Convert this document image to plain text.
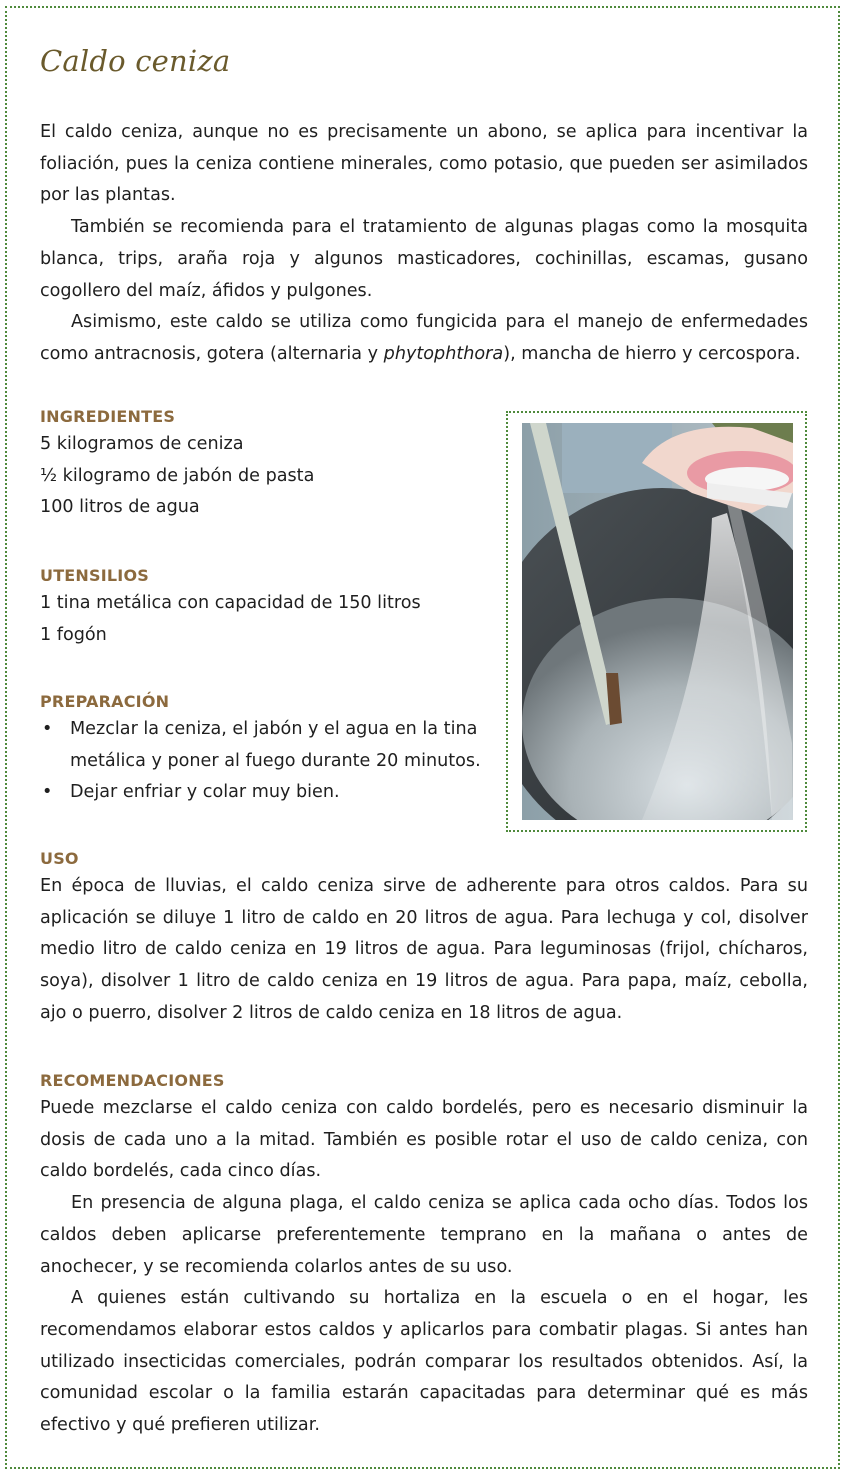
Caldo ceniza

El caldo ceniza, aunque no es precisamente un abono, se aplica para incentivar la foliación, pues la ceniza contiene minerales, como potasio, que pueden ser asimilados por las plantas.

También se recomienda para el tratamiento de algunas plagas como la mosquita blanca, trips, araña roja y algunos masticadores, cochinillas, escamas, gusano cogollero del maíz, áfidos y pulgones.

Asimismo, este caldo se utiliza como fungicida para el manejo de enfermedades como antracnosis, gotera (alternaria y phytophthora), mancha de hierro y cercospora.

INGREDIENTES

5 kilogramos de ceniza

½ kilogramo de jabón de pasta

100 litros de agua

UTENSILIOS

1 tina metálica con capacidad de 150 litros

1 fogón

PREPARACIÓN
• Mezclar la ceniza, el jabón y el agua en la tina metálica y poner al fuego durante 20 minutos.
• Dejar enfriar y colar muy bien.
USO

En época de lluvias, el caldo ceniza sirve de adherente para otros caldos. Para su aplicación se diluye 1 litro de caldo en 20 litros de agua. Para lechuga y col, disolver medio litro de caldo ceniza en 19 litros de agua. Para leguminosas (frijol, chícharos, soya), disolver 1 litro de caldo ceniza en 19 litros de agua. Para papa, maíz, cebolla, ajo o puerro, disolver 2 litros de caldo ceniza en 18 litros de agua.

RECOMENDACIONES

Puede mezclarse el caldo ceniza con caldo bordelés, pero es necesario disminuir la dosis de cada uno a la mitad. También es posible rotar el uso de caldo ceniza, con caldo bordelés, cada cinco días.

En presencia de alguna plaga, el caldo ceniza se aplica cada ocho días. Todos los caldos deben aplicarse preferentemente temprano en la mañana o antes de anochecer, y se recomienda colarlos antes de su uso.

A quienes están cultivando su hortaliza en la escuela o en el hogar, les recomendamos elaborar estos caldos y aplicarlos para combatir plagas. Si antes han utilizado insecticidas comerciales, podrán comparar los resultados obtenidos. Así, la comunidad escolar o la familia estarán capacitadas para determinar qué es más efectivo y qué prefieren utilizar.
